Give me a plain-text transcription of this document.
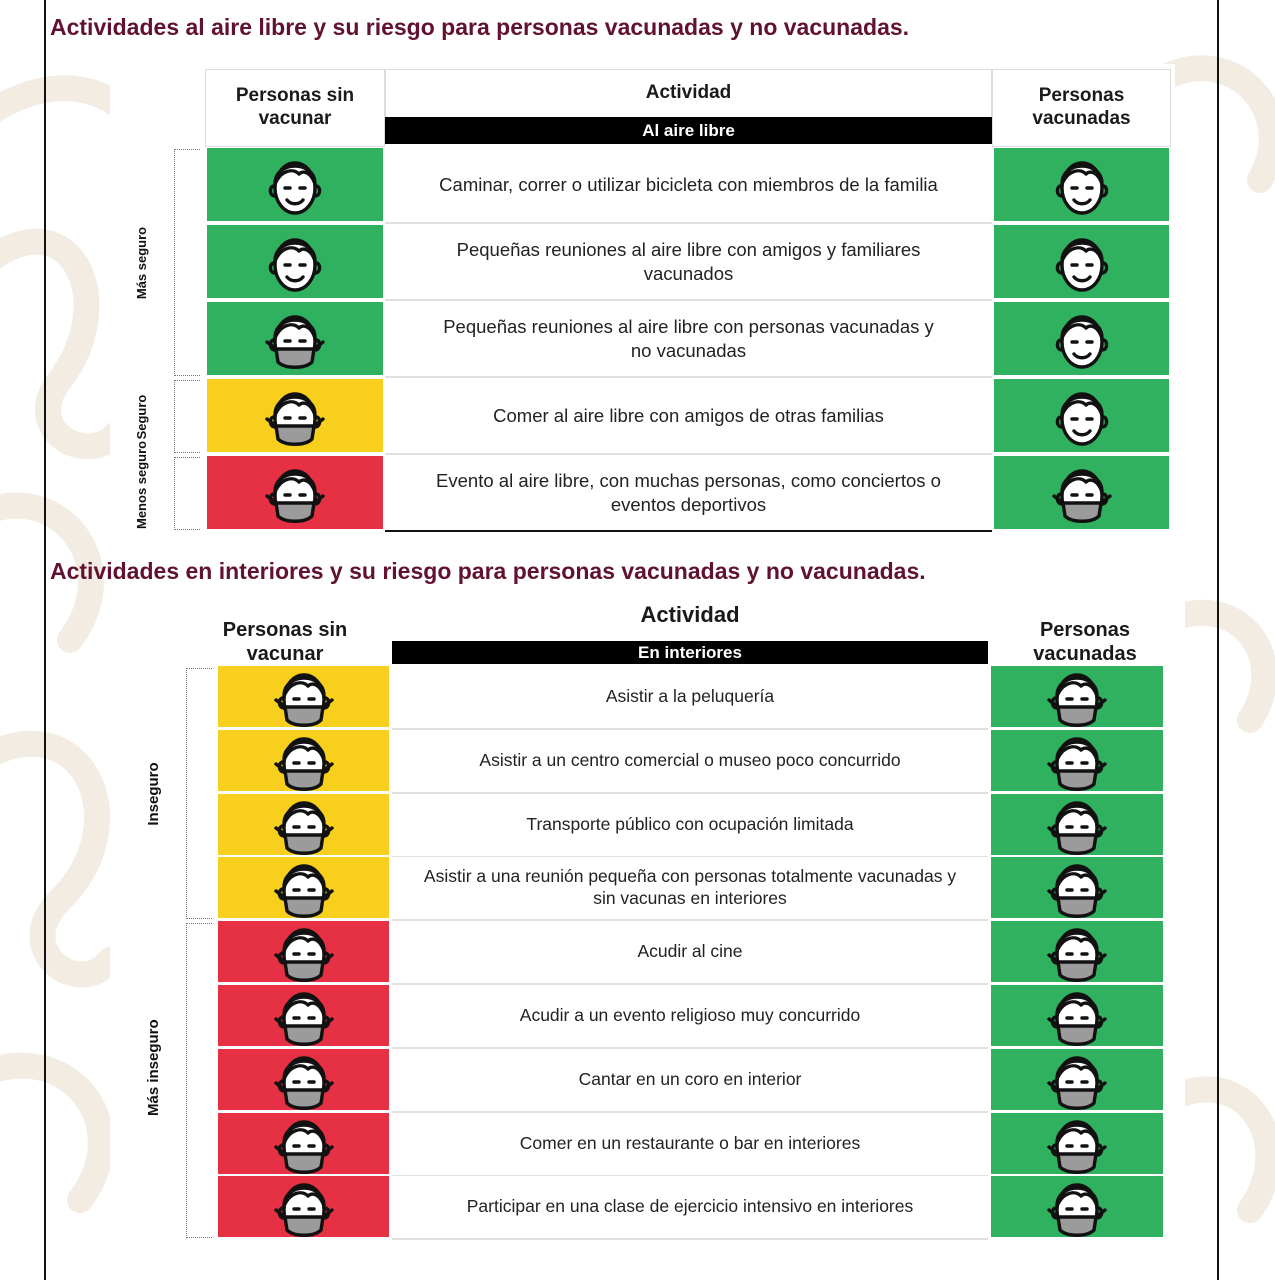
Actividades al aire libre y su riesgo para personas vacunadas y no vacunadas.
Personas sin vacunar
Actividad
Al aire libre
Personas vacunadas
Caminar, correr o utilizar bicicleta con miembros de la familia
Pequeñas reuniones al aire libre con amigos y familiares vacunados
Pequeñas reuniones al aire libre con personas vacunadas y no vacunadas
Comer al aire libre con amigos de otras familias
Evento al aire libre, con muchas personas, como conciertos o eventos deportivos
Más seguro
Seguro
Menos seguro
Actividades en interiores y su riesgo para personas vacunadas y no vacunadas.
Personas sin vacunar
Actividad
En interiores
Personas vacunadas
Asistir a la peluquería
Asistir a un centro comercial o museo poco concurrido
Transporte público con ocupación limitada
Asistir a una reunión pequeña con personas totalmente vacunadas y sin vacunas en interiores
Acudir al cine
Acudir a un evento religioso muy concurrido
Cantar en un coro en interior
Comer en un restaurante o bar en interiores
Participar en una clase de ejercicio intensivo en interiores
Inseguro
Más inseguro
